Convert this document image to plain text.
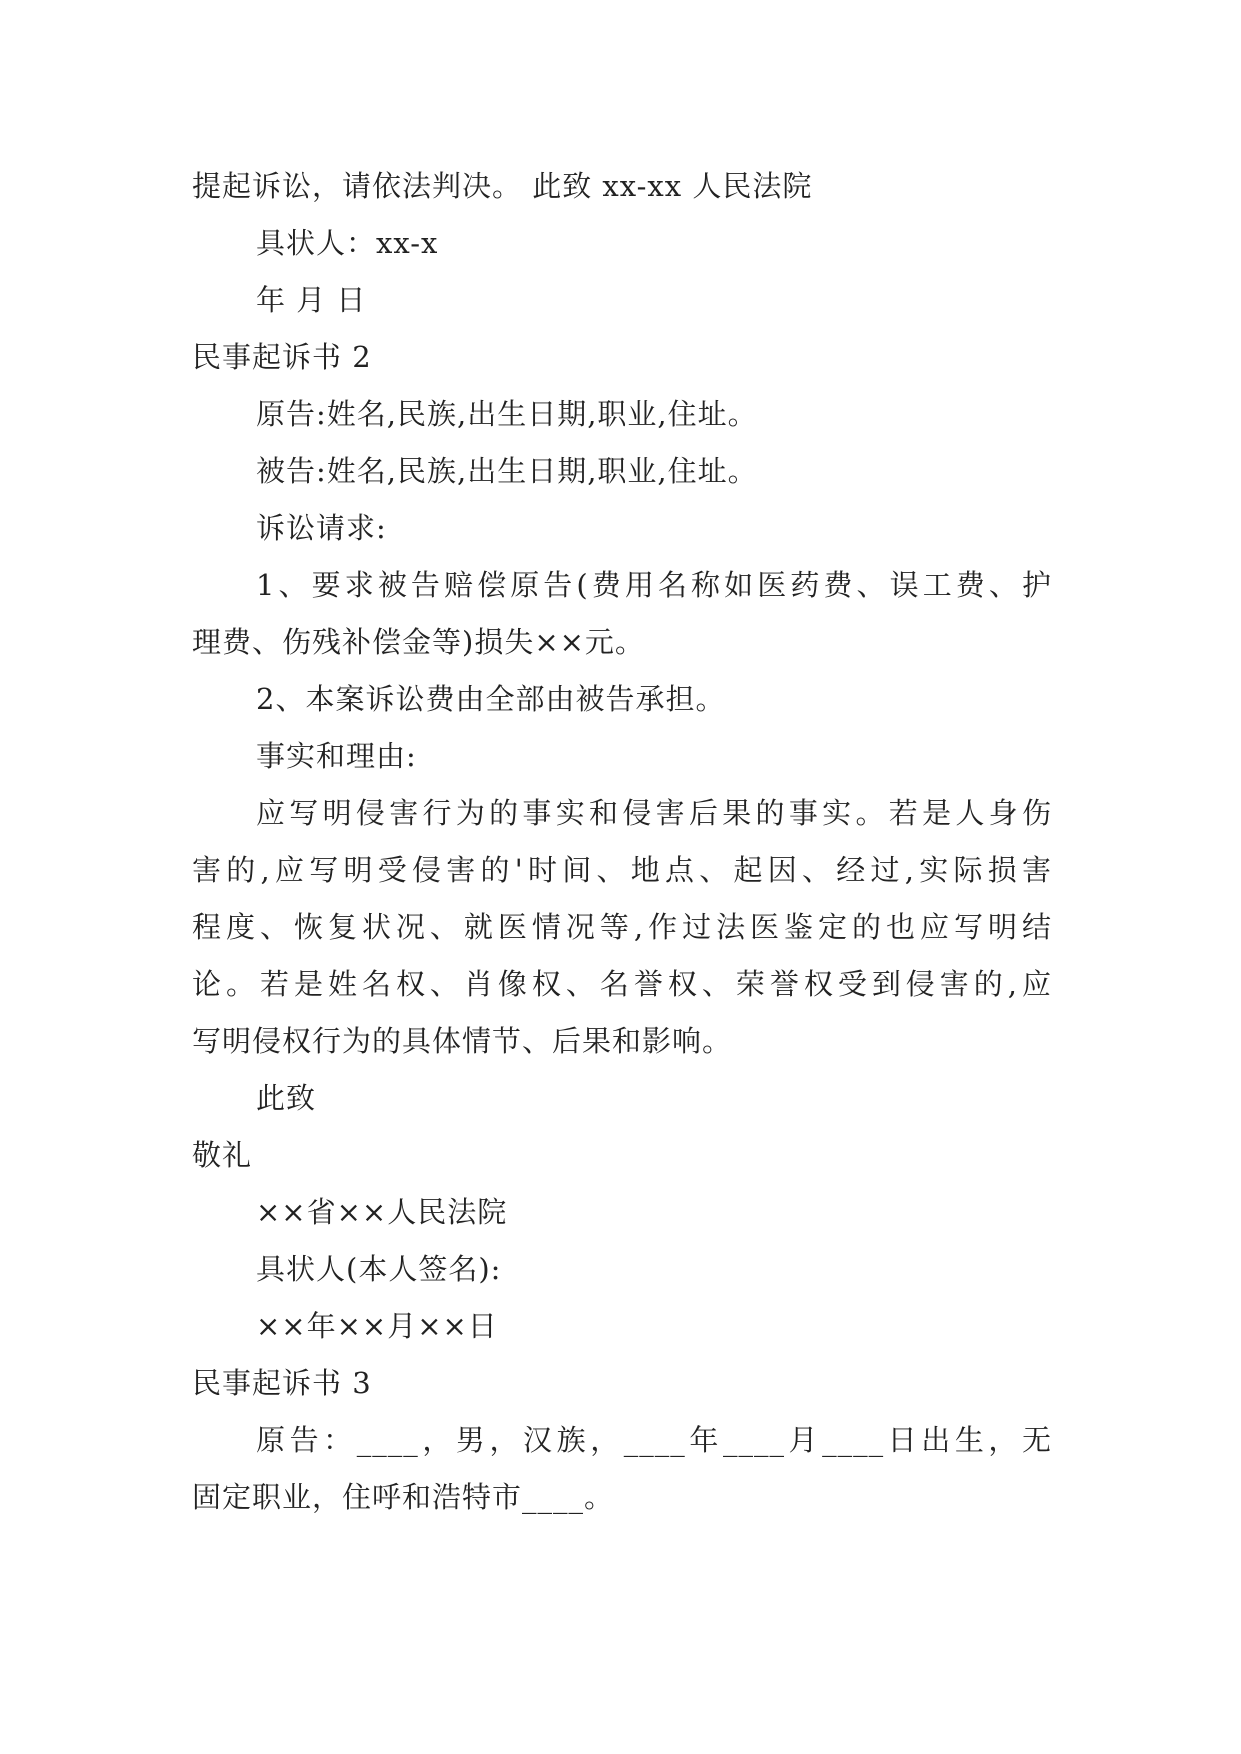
提起诉讼，请依法判决。 此致 xx-xx 人民法院
具状人：xx-x
年 月 日
民事起诉书 2
原告:姓名,民族,出生日期,职业,住址。
被告:姓名,民族,出生日期,职业,住址。
诉讼请求:
1、要求被告赔偿原告(费用名称如医药费、误工费、护
理费、伤残补偿金等)损失××元。
2、本案诉讼费由全部由被告承担。
事实和理由:
应写明侵害行为的事实和侵害后果的事实。若是人身伤
害的,应写明受侵害的'时间、地点、起因、经过,实际损害
程度、恢复状况、就医情况等,作过法医鉴定的也应写明结
论。若是姓名权、肖像权、名誉权、荣誉权受到侵害的,应
写明侵权行为的具体情节、后果和影响。
此致
敬礼
××省××人民法院
具状人(本人签名):
××年××月××日
民事起诉书 3
原告：____，男，汉族，____年____月____日出生，无
固定职业，住呼和浩特市____。
